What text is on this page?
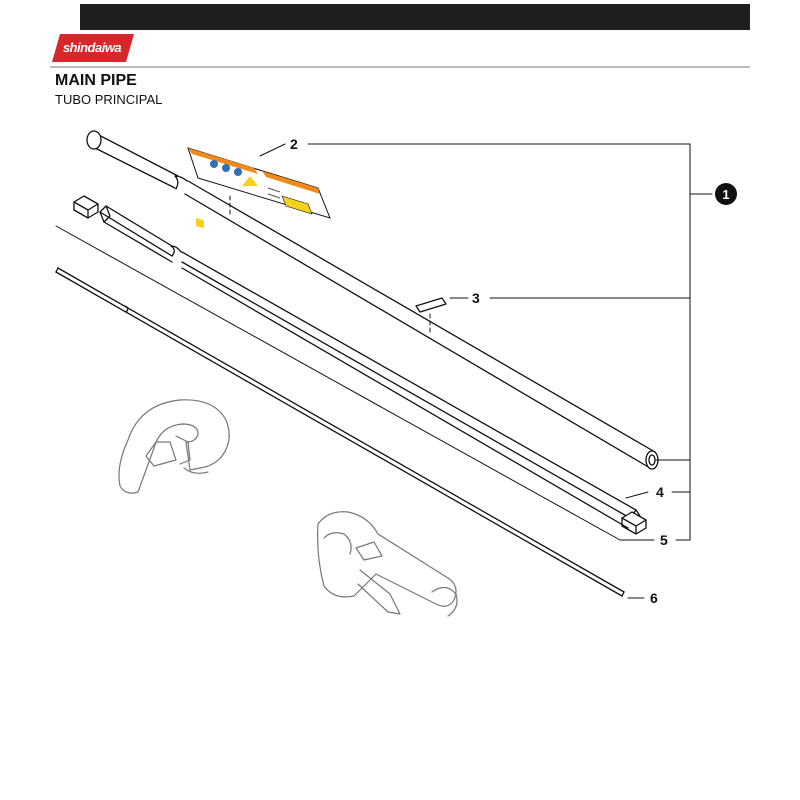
shindaiwa	T302 Trimmer / Podadora
MAIN PIPE
TUBO PRINCIPAL
2
3
4
5
6
1
